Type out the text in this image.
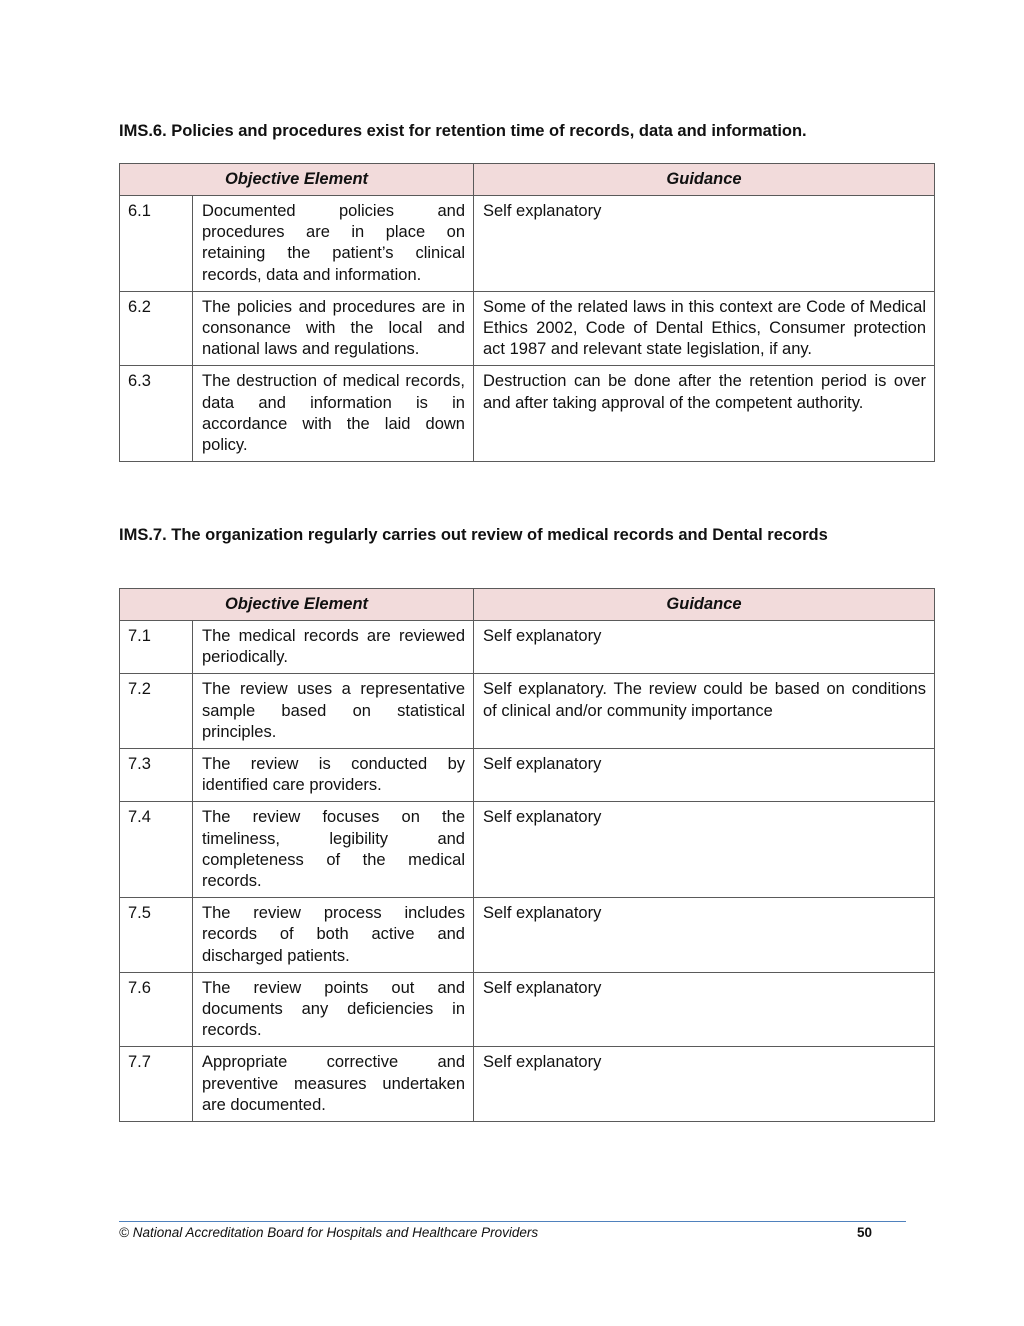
IMS.6. Policies and procedures exist for retention time of records, data and information.
Objective Element		Guidance
6.1	Documented policies and procedures are in place on retaining the patient’s clinical records, data and information.	Self explanatory
6.2	The policies and procedures are in consonance with the local and national laws and regulations.	Some of the related laws in this context are Code of Medical Ethics 2002, Code of Dental Ethics, Consumer protection act 1987 and relevant state legislation, if any.
6.3	The destruction of medical records, data and information is in accordance with the laid down policy.	Destruction can be done after the retention period is over and after taking approval of the competent authority.
IMS.7. The organization regularly carries out review of medical records and Dental records
Objective Element		Guidance
7.1	The medical records are reviewed periodically.	Self explanatory
7.2	The review uses a representative sample based on statistical principles.	Self explanatory. The review could be based on conditions of clinical and/or community importance
7.3	The review is conducted by identified care providers.	Self explanatory
7.4	The review focuses on the timeliness, legibility and completeness of the medical records.	Self explanatory
7.5	The review process includes records of both active and discharged patients.	Self explanatory
7.6	The review points out and documents any deficiencies in records.	Self explanatory
7.7	Appropriate corrective and preventive measures undertaken are documented.	Self explanatory
© National Accreditation Board for Hospitals and Healthcare Providers	50
